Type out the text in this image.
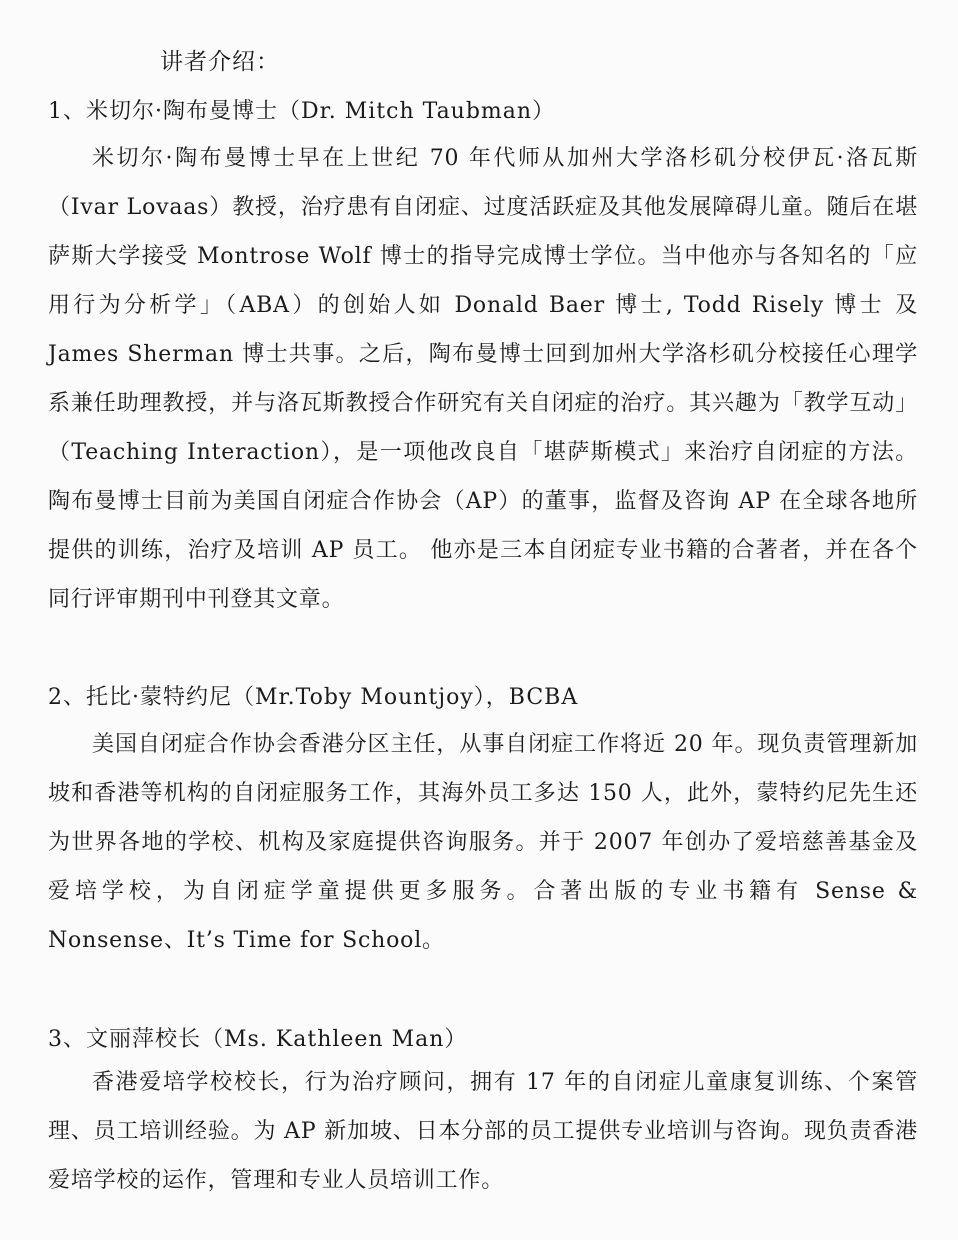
讲者介绍：
1、米切尔·陶布曼博士（Dr. Mitch Taubman）

米切尔·陶布曼博士早在上世纪 70 年代师从加州大学洛杉矶分校伊瓦·洛瓦斯（Ivar Lovaas）教授，治疗患有自闭症、过度活跃症及其他发展障碍儿童。随后在堪萨斯大学接受 Montrose Wolf 博士的指导完成博士学位。当中他亦与各知名的「应用行为分析学」（ABA）的创始人如 Donald Baer 博士, Todd Risely 博士 及 James Sherman 博士共事。之后，陶布曼博士回到加州大学洛杉矶分校接任心理学系兼任助理教授，并与洛瓦斯教授合作研究有关自闭症的治疗。其兴趣为「教学互动」（Teaching Interaction），是一项他改良自「堪萨斯模式」来治疗自闭症的方法。陶布曼博士目前为美国自闭症合作协会（AP）的董事，监督及咨询 AP 在全球各地所提供的训练，治疗及培训 AP 员工。 他亦是三本自闭症专业书籍的合著者，并在各个同行评审期刊中刊登其文章。

2、托比·蒙特约尼（Mr.Toby Mountjoy），BCBA

美国自闭症合作协会香港分区主任，从事自闭症工作将近 20 年。现负责管理新加坡和香港等机构的自闭症服务工作，其海外员工多达 150 人，此外，蒙特约尼先生还为世界各地的学校、机构及家庭提供咨询服务。并于 2007 年创办了爱培慈善基金及爱培学校，为自闭症学童提供更多服务。合著出版的专业书籍有 Sense & Nonsense、It’s Time for School。

3、文丽萍校长（Ms. Kathleen Man）

香港爱培学校校长，行为治疗顾问，拥有 17 年的自闭症儿童康复训练、个案管理、员工培训经验。为 AP 新加坡、日本分部的员工提供专业培训与咨询。现负责香港爱培学校的运作，管理和专业人员培训工作。
